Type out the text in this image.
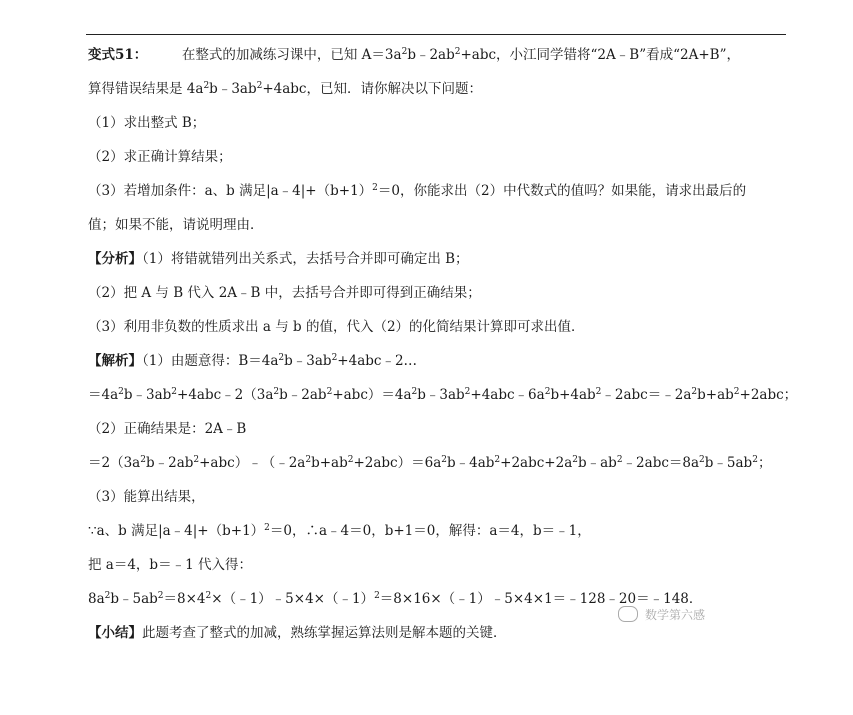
变式51：	在整式的加减练习课中，已知 $A=3a^2b﹣2ab^2+abc$，小江同学错将“2A﹣B”看成“2A+B”，
算得错误结果是 $4a^2b﹣3ab^2+4abc$，已知．请你解决以下问题：
（1）求出整式 B；
（2）求正确计算结果；
（3）若增加条件：a、b 满足$|a﹣4|+(b+1)^2=0$，你能求出（2）中代数式的值吗？如果能，请求出最后的
值；如果不能，请说明理由．
【分析】（1）将错就错列出关系式，去括号合并即可确定出 B；
（2）把 A 与 B 代入 2A﹣B 中，去括号合并即可得到正确结果；
（3）利用非负数的性质求出 a 与 b 的值，代入（2）的化简结果计算即可求出值．
【解析】（1）由题意得：$B=4a^2b﹣3ab^2+4abc﹣2\dots$
$=4a^2b﹣3ab^2+4abc﹣2(3a^2b﹣2ab^2+abc)=4a^2b﹣3ab^2+4abc﹣6a^2b+4ab^2﹣2abc=﹣2a^2b+ab^2+2abc$；
（2）正确结果是：2A﹣B
$=2(3a^2b﹣2ab^2+abc)﹣(﹣2a^2b+ab^2+2abc)=6a^2b﹣4ab^2+2abc+2a^2b﹣ab^2﹣2abc=8a^2b﹣5ab^2$；
（3）能算出结果，
∵a、b 满足$|a﹣4|+(b+1)^2=0$，∴a﹣4＝0，b+1＝0，解得：a＝4，b＝﹣1，
把 a＝4，b＝﹣1 代入得：
$8a^2b﹣5ab^2=8\times 4^2\times(﹣1)﹣5\times 4\times(﹣1)^2=8\times 16\times(﹣1)﹣5\times 4\times 1=﹣128﹣20=﹣148$．
【小结】此题考查了整式的加减，熟练掌握运算法则是解本题的关键．
数学第六感
